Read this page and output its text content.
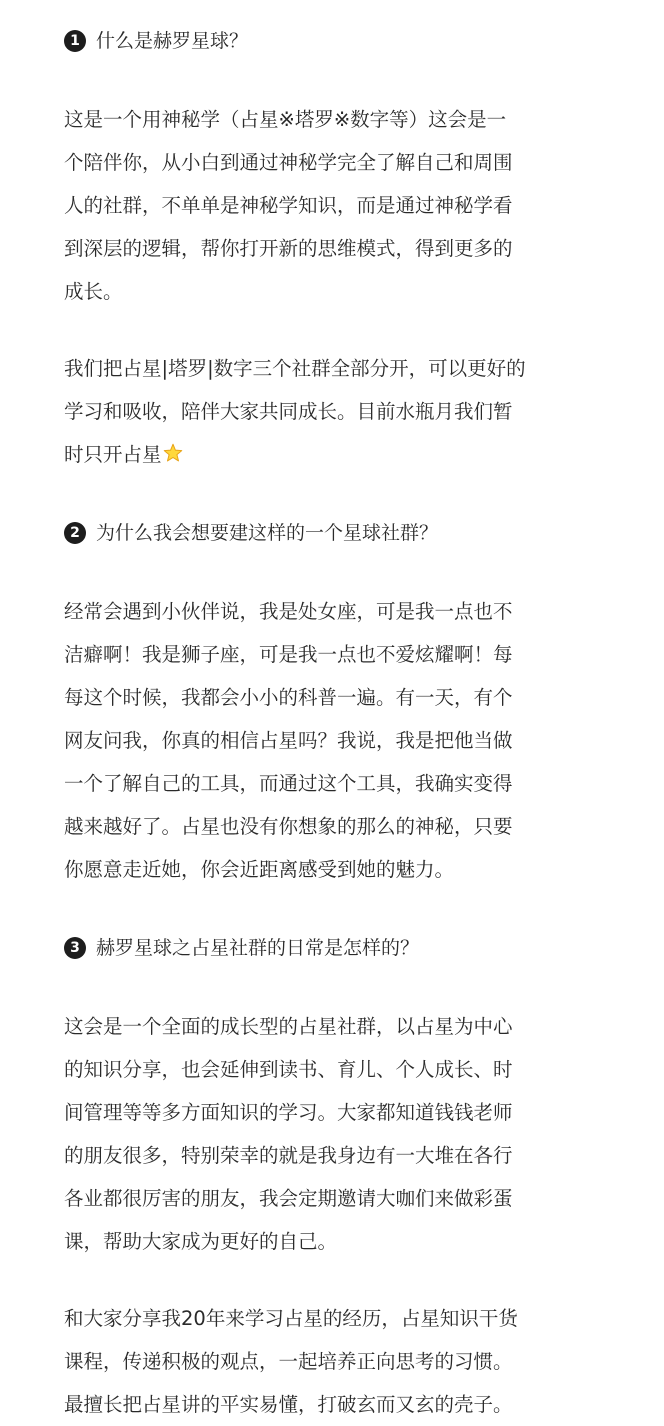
1 什么是赫罗星球？
这是一个用神秘学（占星※塔罗※数字等）这会是一
个陪伴你，从小白到通过神秘学完全了解自己和周围
人的社群，不单单是神秘学知识，而是通过神秘学看
到深层的逻辑，帮你打开新的思维模式，得到更多的
成长。
我们把占星|塔罗|数字三个社群全部分开，可以更好的
学习和吸收，陪伴大家共同成长。目前水瓶月我们暂
时只开占星
2 为什么我会想要建这样的一个星球社群？
经常会遇到小伙伴说，我是处女座，可是我一点也不
洁癖啊！我是狮子座，可是我一点也不爱炫耀啊！每
每这个时候，我都会小小的科普一遍。有一天，有个
网友问我，你真的相信占星吗？我说，我是把他当做
一个了解自己的工具，而通过这个工具，我确实变得
越来越好了。占星也没有你想象的那么的神秘，只要
你愿意走近她，你会近距离感受到她的魅力。
3 赫罗星球之占星社群的日常是怎样的？
这会是一个全面的成长型的占星社群，以占星为中心
的知识分享，也会延伸到读书、育儿、个人成长、时
间管理等等多方面知识的学习。大家都知道钱钱老师
的朋友很多，特别荣幸的就是我身边有一大堆在各行
各业都很厉害的朋友，我会定期邀请大咖们来做彩蛋
课，帮助大家成为更好的自己。
和大家分享我20年来学习占星的经历，占星知识干货
课程，传递积极的观点，一起培养正向思考的习惯。
最擅长把占星讲的平实易懂，打破玄而又玄的壳子。
